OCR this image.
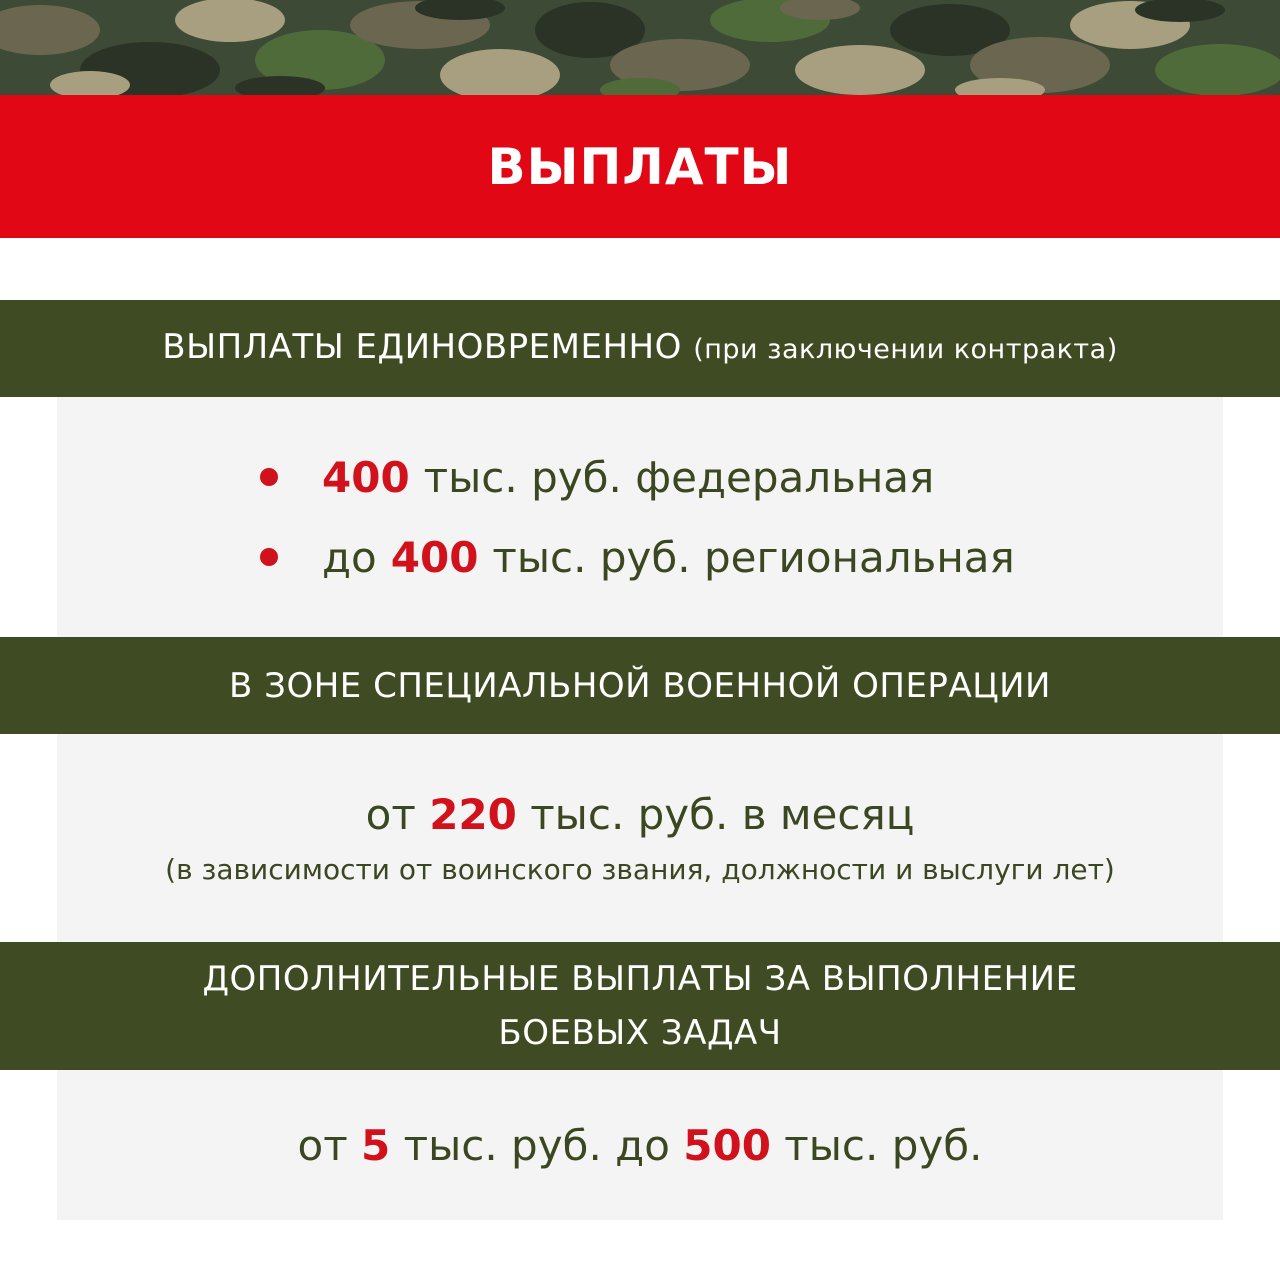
ВЫПЛАТЫ
ВЫПЛАТЫ ЕДИНОВРЕМЕННО (при заключении контракта)
400 тыс. руб. федеральная
до 400 тыс. руб. региональная
В ЗОНЕ СПЕЦИАЛЬНОЙ ВОЕННОЙ ОПЕРАЦИИ
от 220 тыс. руб. в месяц
(в зависимости от воинского звания, должности и выслуги лет)
ДОПОЛНИТЕЛЬНЫЕ ВЫПЛАТЫ ЗА ВЫПОЛНЕНИЕ
БОЕВЫХ ЗАДАЧ
от 5 тыс. руб. до 500 тыс. руб.
